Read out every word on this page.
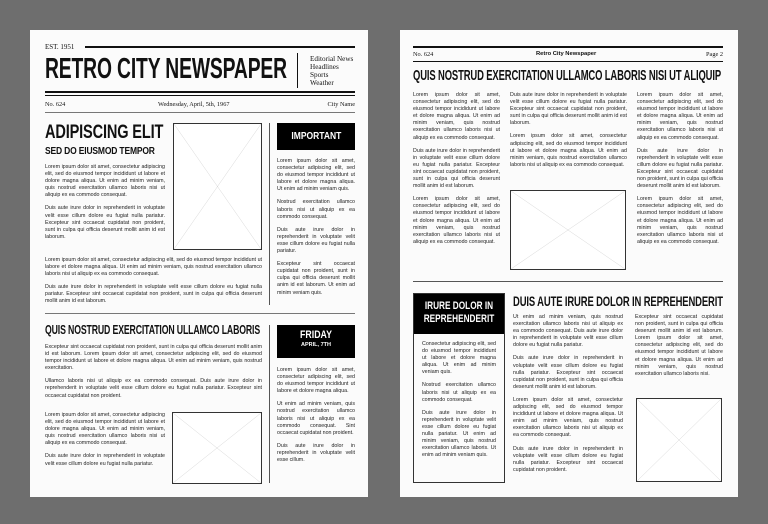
EST. 1951
RETRO CITY NEWSPAPER	Editorial News
Headlines
Sports
Weather
No. 624	Wednesday, April, 5th, 1967	City Name
ADIPISCING ELIT
SED DO EIUSMOD TEMPOR

Lorem ipsum dolor sit amet, consectetur adipiscing elit, sed do eiusmod tempor incididunt ut labore et dolore magna aliqua. Ut enim ad minim veniam, quis nostrud exercitation ullamco laboris nisi ut aliquip ex ea commodo consequat.

Duis aute irure dolor in reprehenderit in voluptate velit esse cillum dolore eu fugiat nulla pariatur. Excepteur sint occaecat cupidatat non proident, sunt in culpa qui officia deserunt mollit anim id est laborum.

Lorem ipsum dolor sit amet, consectetur adipiscing elit, sed do eiusmod tempor incididunt ut labore et dolore magna aliqua. Ut enim ad minim veniam, quis nostrud exercitation ullamco laboris nisi ut aliquip ex ea commodo consequat.

Duis aute irure dolor in reprehenderit in voluptate velit esse cillum dolore eu fugiat nulla pariatur. Excepteur sint occaecat cupidatat non proident, sunt in culpa qui officia deserunt mollit anim id est laborum.

IMPORTANT

Lorem ipsum dolor sit amet, consectetur adipiscing elit, sed do eiusmod tempor incididunt ut labore et dolore magna aliqua. Ut enim ad minim veniam quis.

Nostrud exercitation ullamco laboris nisi ut aliquip ex ea commodo consequat.

Duis aute irure dolor in reprehenderit in voluptate velit esse cillum dolore eu fugiat nulla pariatur.

Excepteur sint occaecat cupidatat non proident, sunt in culpa qui officia deserunt mollit anim id est laborum. Ut enim ad minim veniam quis.

QUIS NOSTRUD EXERCITATION ULLAMCO LABORIS

Excepteur sint occaecat cupidatat non proident, sunt in culpa qui officia deserunt mollit anim id est laborum. Lorem ipsum dolor sit amet, consectetur adipiscing elit, sed do eiusmod tempor incididunt ut labore et dolore magna aliqua. Ut enim ad minim veniam, quis nostrud exercitation.

Ullamco laboris nisi ut aliquip ex ea commodo consequat. Duis aute irure dolor in reprehenderit in voluptate velit esse cillum dolore eu fugiat nulla pariatur. Excepteur sint occaecat cupidatat non proident.

Lorem ipsum dolor sit amet, consectetur adipiscing elit, sed do eiusmod tempor incididunt ut labore et dolore magna aliqua. Ut enim ad minim veniam, quis nostrud exercitation ullamco laboris nisi ut aliquip ex ea commodo consequat.

Duis aute irure dolor in reprehenderit in voluptate velit esse cillum dolore eu fugiat nulla pariatur.

FRIDAY
APRIL, 7TH

Lorem ipsum dolor sit amet, consectetur adipiscing elit, sed do eiusmod tempor incididunt ut labore et dolore magna aliqua.

Ut enim ad minim veniam, quis nostrud exercitation ullamco laboris nisi ut aliquip ex ea commodo consequat. Sint occaecat cupidatat non proident.

Duis aute irure dolor in reprehenderit in voluptate velit esse cillum.

No. 624	Retro City Newspaper	Page 2
QUIS NOSTRUD EXERCITATION ULLAMCO LABORIS NISI UT ALIQUIP

Lorem ipsum dolor sit amet, consectetur adipiscing elit, sed do eiusmod tempor incididunt ut labore et dolore magna aliqua. Ut enim ad minim veniam, quis nostrud exercitation ullamco laboris nisi ut aliquip ex ea commodo consequat.

Duis aute irure dolor in reprehenderit in voluptate velit esse cillum dolore eu fugiat nulla pariatur. Excepteur sint occaecat cupidatat non proident, sunt in culpa qui officia deserunt mollit anim id est laborum.

Lorem ipsum dolor sit amet, consectetur adipiscing elit, sed do eiusmod tempor incididunt ut labore et dolore magna aliqua. Ut enim ad minim veniam, quis nostrud exercitation ullamco laboris nisi ut aliquip ex ea commodo consequat.

Duis aute irure dolor in reprehenderit in voluptate velit esse cillum dolore eu fugiat nulla pariatur. Excepteur sint occaecat cupidatat non proident, sunt in culpa qui officia deserunt mollit anim id est laborum.

Lorem ipsum dolor sit amet, consectetur adipiscing elit, sed do eiusmod tempor incididunt ut labore et dolore magna aliqua. Ut enim ad minim veniam, quis nostrud exercitation ullamco laboris nisi ut aliquip ex ea commodo consequat.

Lorem ipsum dolor sit amet, consectetur adipiscing elit, sed do eiusmod tempor incididunt ut labore et dolore magna aliqua. Ut enim ad minim veniam, quis nostrud exercitation ullamco laboris nisi ut aliquip ex ea commodo consequat.

Duis aute irure dolor in reprehenderit in voluptate velit esse cillum dolore eu fugiat nulla pariatur. Excepteur sint occaecat cupidatat non proident, sunt in culpa qui officia deserunt mollit anim id est laborum.

Lorem ipsum dolor sit amet, consectetur adipiscing elit, sed do eiusmod tempor incididunt ut labore et dolore magna aliqua. Ut enim ad minim veniam, quis nostrud exercitation ullamco laboris nisi ut aliquip ex ea commodo consequat.

IRURE DOLOR IN REPREHENDERIT

Consectetur adipiscing elit, sed do eiusmod tempor incididunt ut labore et dolore magna aliqua. Ut enim ad minim veniam quis.

Nostrud exercitation ullamco laboris nisi ut aliquip ex ea commodo consequat.

Duis aute irure dolor in reprehenderit in voluptate velit esse cillum dolore eu fugiat nulla pariatur. Ut enim ad minim veniam, quis nostrud exercitation ullamco laboris. Ut enim ad minim veniam quis.

DUIS AUTE IRURE DOLOR IN REPREHENDERIT

Ut enim ad minim veniam, quis nostrud exercitation ullamco laboris nisi ut aliquip ex ea commodo consequat. Duis aute irure dolor in reprehenderit in voluptate velit esse cillum dolore eu fugiat nulla pariatur.

Duis aute irure dolor in reprehenderit in voluptate velit esse cillum dolore eu fugiat nulla pariatur. Excepteur sint occaecat cupidatat non proident, sunt in culpa qui officia deserunt mollit anim id est laborum.

Lorem ipsum dolor sit amet, consectetur adipiscing elit, sed do eiusmod tempor incididunt ut labore et dolore magna aliqua. Ut enim ad minim veniam, quis nostrud exercitation ullamco laboris nisi ut aliquip ex ea commodo consequat.

Duis aute irure dolor in reprehenderit in voluptate velit esse cillum dolore eu fugiat nulla pariatur. Excepteur sint occaecat cupidatat non proident.

Excepteur sint occaecat cupidatat non proident, sunt in culpa qui officia deserunt mollit anim id est laborum. Lorem ipsum dolor sit amet, consectetur adipiscing elit, sed do eiusmod tempor incididunt ut labore et dolore magna aliqua. Ut enim ad minim veniam, quis nostrud exercitation ullamco laboris nisi.
